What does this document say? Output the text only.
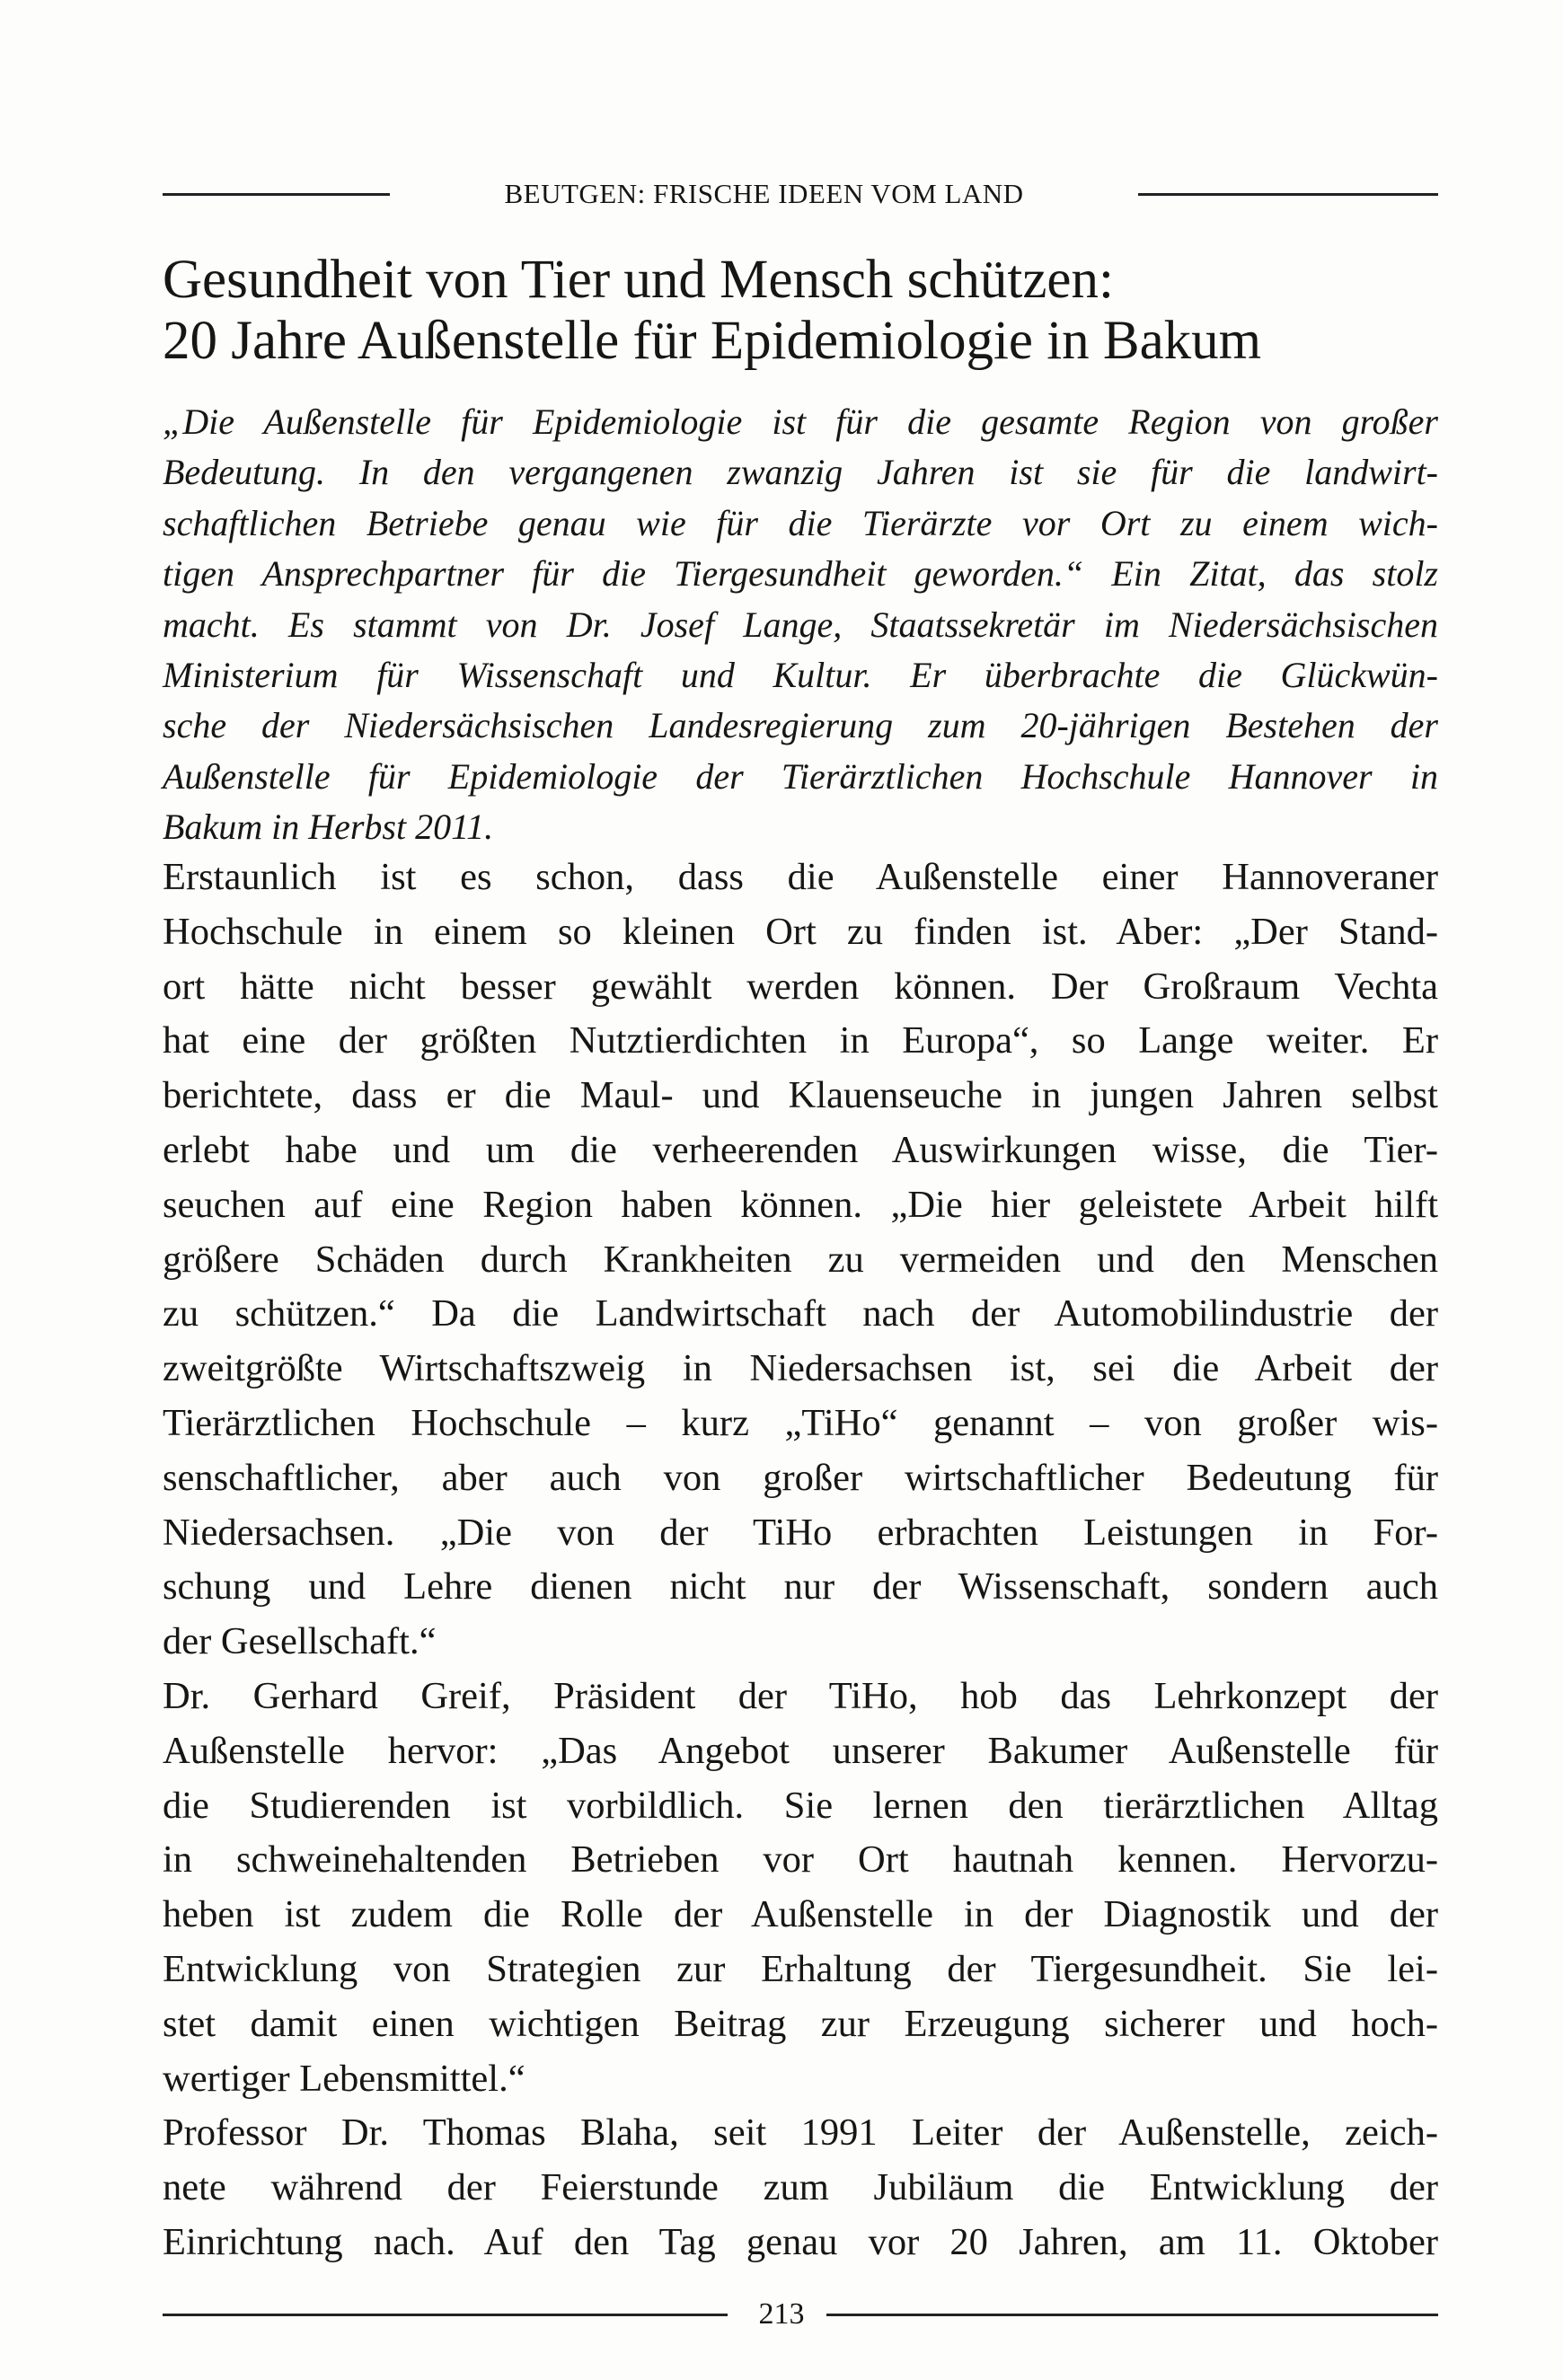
BEUTGEN: FRISCHE IDEEN VOM LAND
Gesundheit von Tier und Mensch schützen:
20 Jahre Außenstelle für Epidemiologie in Bakum
„Die Außenstelle für Epidemiologie ist für die gesamte Region von großer
Bedeutung. In den vergangenen zwanzig Jahren ist sie für die landwirt-
schaftlichen Betriebe genau wie für die Tierärzte vor Ort zu einem wich-
tigen Ansprechpartner für die Tiergesundheit geworden.“ Ein Zitat, das stolz
macht. Es stammt von Dr. Josef Lange, Staatssekretär im Niedersächsischen
Ministerium für Wissenschaft und Kultur. Er überbrachte die Glückwün-
sche der Niedersächsischen Landesregierung zum 20-jährigen Bestehen der
Außenstelle für Epidemiologie der Tierärztlichen Hochschule Hannover in
Bakum in Herbst 2011.
Erstaunlich ist es schon, dass die Außenstelle einer Hannoveraner
Hochschule in einem so kleinen Ort zu finden ist. Aber: „Der Stand-
ort hätte nicht besser gewählt werden können. Der Großraum Vechta
hat eine der größten Nutztierdichten in Europa“, so Lange weiter. Er
berichtete, dass er die Maul- und Klauenseuche in jungen Jahren selbst
erlebt habe und um die verheerenden Auswirkungen wisse, die Tier-
seuchen auf eine Region haben können. „Die hier geleistete Arbeit hilft
größere Schäden durch Krankheiten zu vermeiden und den Menschen
zu schützen.“ Da die Landwirtschaft nach der Automobilindustrie der
zweitgrößte Wirtschaftszweig in Niedersachsen ist, sei die Arbeit der
Tierärztlichen Hochschule – kurz „TiHo“ genannt – von großer wis-
senschaftlicher, aber auch von großer wirtschaftlicher Bedeutung für
Niedersachsen. „Die von der TiHo erbrachten Leistungen in For-
schung und Lehre dienen nicht nur der Wissenschaft, sondern auch
der Gesellschaft.“
Dr. Gerhard Greif, Präsident der TiHo, hob das Lehrkonzept der
Außenstelle hervor: „Das Angebot unserer Bakumer Außenstelle für
die Studierenden ist vorbildlich. Sie lernen den tierärztlichen Alltag
in schweinehaltenden Betrieben vor Ort hautnah kennen. Hervorzu-
heben ist zudem die Rolle der Außenstelle in der Diagnostik und der
Entwicklung von Strategien zur Erhaltung der Tiergesundheit. Sie lei-
stet damit einen wichtigen Beitrag zur Erzeugung sicherer und hoch-
wertiger Lebensmittel.“
Professor Dr. Thomas Blaha, seit 1991 Leiter der Außenstelle, zeich-
nete während der Feierstunde zum Jubiläum die Entwicklung der
Einrichtung nach. Auf den Tag genau vor 20 Jahren, am 11. Oktober
213
